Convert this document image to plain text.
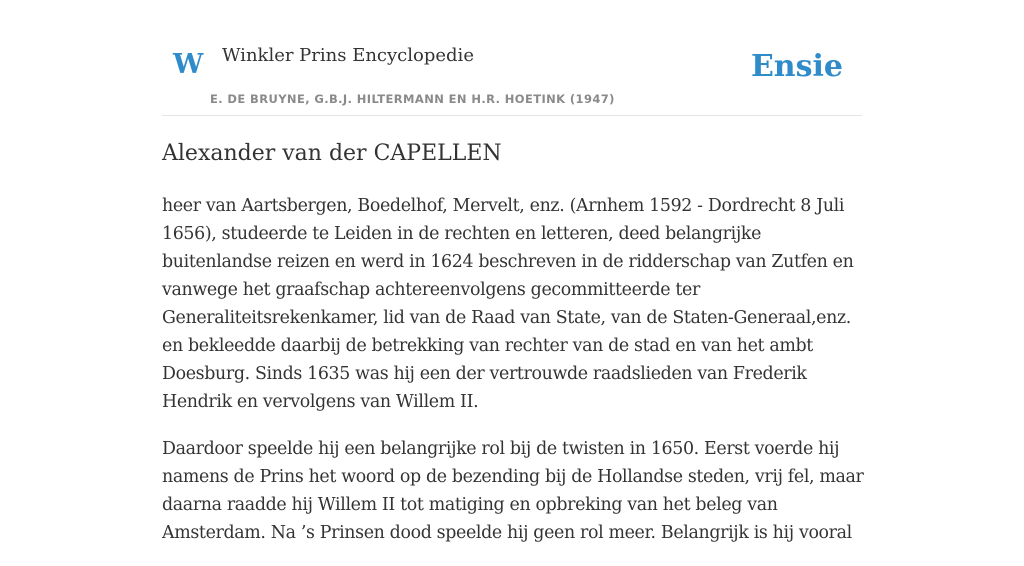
W Winkler Prins Encyclopedie
E. DE BRUYNE, G.B.J. HILTERMANN EN H.R. HOETINK (1947)
Ensie
Alexander van der CAPELLEN

heer van Aartsbergen, Boedelhof, Mervelt, enz. (Arnhem 1592 - Dordrecht 8 Juli 1656), studeerde te Leiden in de rechten en letteren, deed belangrijke buitenlandse reizen en werd in 1624 beschreven in de ridderschap van Zutfen en vanwege het graafschap achtereenvolgens gecommitteerde ter Generaliteitsrekenkamer, lid van de Raad van State, van de Staten-Generaal,enz. en bekleedde daarbij de betrekking van rechter van de stad en van het ambt Doesburg. Sinds 1635 was hij een der vertrouwde raadslieden van Frederik Hendrik en vervolgens van Willem II.

Daardoor speelde hij een belangrijke rol bij de twisten in 1650. Eerst voerde hij namens de Prins het woord op de bezending bij de Hollandse steden, vrij fel, maar daarna raadde hij Willem II tot matiging en opbreking van het beleg van Amsterdam. Na ’s Prinsen dood speelde hij geen rol meer. Belangrijk is hij vooral
